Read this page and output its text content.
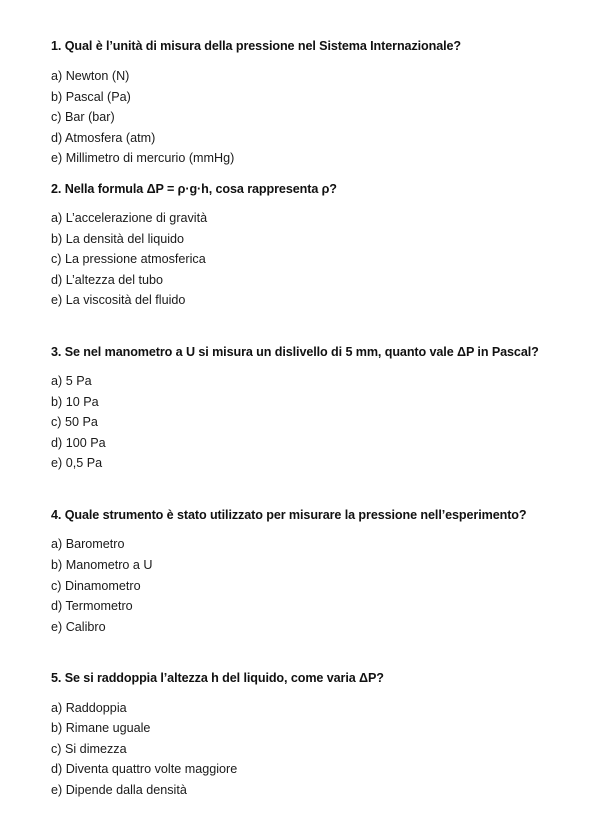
1. Qual è l’unità di misura della pressione nel Sistema Internazionale?
a) Newton (N)
b) Pascal (Pa)
c) Bar (bar)
d) Atmosfera (atm)
e) Millimetro di mercurio (mmHg)
2. Nella formula ΔP = ρ·g·h, cosa rappresenta ρ?
a) L’accelerazione di gravità
b) La densità del liquido
c) La pressione atmosferica
d) L’altezza del tubo
e) La viscosità del fluido
3. Se nel manometro a U si misura un dislivello di 5 mm, quanto vale ΔP in Pascal?
a) 5 Pa
b) 10 Pa
c) 50 Pa
d) 100 Pa
e) 0,5 Pa
4. Quale strumento è stato utilizzato per misurare la pressione nell’esperimento?
a) Barometro
b) Manometro a U
c) Dinamometro
d) Termometro
e) Calibro
5. Se si raddoppia l’altezza h del liquido, come varia ΔP?
a) Raddoppia
b) Rimane uguale
c) Si dimezza
d) Diventa quattro volte maggiore
e) Dipende dalla densità
